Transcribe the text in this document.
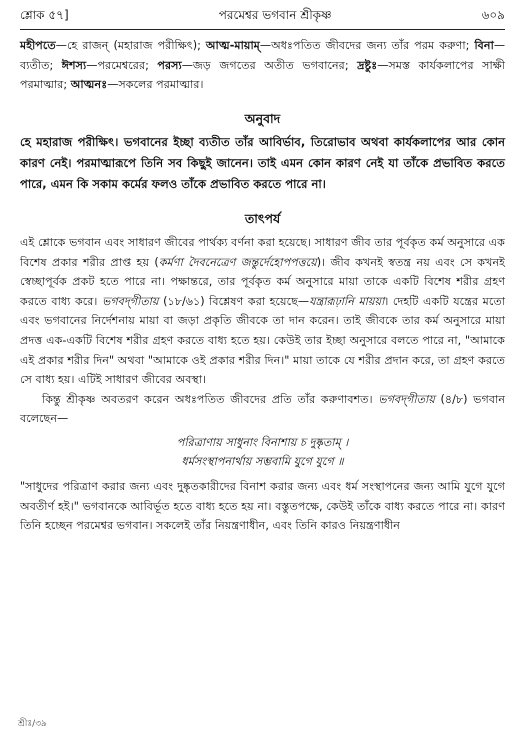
শ্লোক ৫৭]	পরমেশ্বর ভগবান শ্রীকৃষ্ণ	৬০৯

মহীপতে—হে রাজন্‌ (মহারাজ পরীক্ষিৎ); আত্ম-মায়াম্‌—অধঃপতিত জীবদের জন্য তাঁর পরম করুণা; বিনা—ব্যতীত; ঈশস্য—পরমেশ্বরের; পরস্য—জড় জগতের অতীত ভগবানের; দ্রষ্টুঃ—সমস্ত কার্যকলাপের সাক্ষী পরমাত্মার; আত্মনঃ—সকলের পরমাত্মার।

অনুবাদ

হে মহারাজ পরীক্ষিৎ। ভগবানের ইচ্ছা ব্যতীত তাঁর আবির্ভাব, তিরোভাব অথবা কার্যকলাপের আর কোন কারণ নেই। পরমাত্মারূপে তিনি সব কিছুই জানেন। তাই এমন কোন কারণ নেই যা তাঁকে প্রভাবিত করতে পারে, এমন কি সকাম কর্মের ফলও তাঁকে প্রভাবিত করতে পারে না।

তাৎপর্য

এই শ্লোকে ভগবান এবং সাধারণ জীবের পার্থক্য বর্ণনা করা হয়েছে। সাধারণ জীব তার পূর্বকৃত কর্ম অনুসারে এক বিশেষ প্রকার শরীর প্রাপ্ত হয় (কর্মণা দৈবনেত্রেণ জন্তুর্দেহোপপত্তয়ে)। জীব কখনই স্বতন্ত্র নয় এবং সে কখনই স্বেচ্ছাপূর্বক প্রকট হতে পারে না। পক্ষান্তরে, তার পূর্বকৃত কর্ম অনুসারে মায়া তাকে একটি বিশেষ শরীর গ্রহণ করতে বাধ্য করে। ভগবদ্‌গীতায় (১৮/৬১) বিশ্লেষণ করা হয়েছে—যন্ত্রারূঢ়ানি মায়য়া। দেহটি একটি যন্ত্রের মতো এবং ভগবানের নির্দেশনায় মায়া বা জড়া প্রকৃতি জীবকে তা দান করেন। তাই জীবকে তার কর্ম অনুসারে মায়া প্রদত্ত এক-একটি বিশেষ শরীর গ্রহণ করতে বাধ্য হতে হয়। কেউই তার ইচ্ছা অনুসারে বলতে পারে না, "আমাকে এই প্রকার শরীর দিন" অথবা "আমাকে ওই প্রকার শরীর দিন।" মায়া তাকে যে শরীর প্রদান করে, তা গ্রহণ করতে সে বাধ্য হয়। এটিই সাধারণ জীবের অবস্থা।

কিন্তু শ্রীকৃষ্ণ অবতরণ করেন অধঃপতিত জীবদের প্রতি তাঁর করুণাবশত। ভগবদ্‌গীতায় (৪/৮) ভগবান বলেছেন—

পরিত্রাণায় সাধুনাং বিনাশায় চ দুষ্কৃতাম্‌ ।
ধর্মসংস্থাপনার্থায় সম্ভবামি যুগে যুগে ॥

"সাধুদের পরিত্রাণ করার জন্য এবং দুষ্কৃতকারীদের বিনাশ করার জন্য এবং ধর্ম সংস্থাপনের জন্য আমি যুগে যুগে অবতীর্ণ হই।" ভগবানকে আবির্ভূত হতে বাধ্য হতে হয় না। বস্তুতপক্ষে, কেউই তাঁকে বাধ্য করতে পারে না। কারণ তিনি হচ্ছেন পরমেশ্বর ভগবান। সকলেই তাঁর নিয়ন্ত্রণাধীন, এবং তিনি কারও নিয়ন্ত্রণাধীন

শ্রীঃ/৩৯
